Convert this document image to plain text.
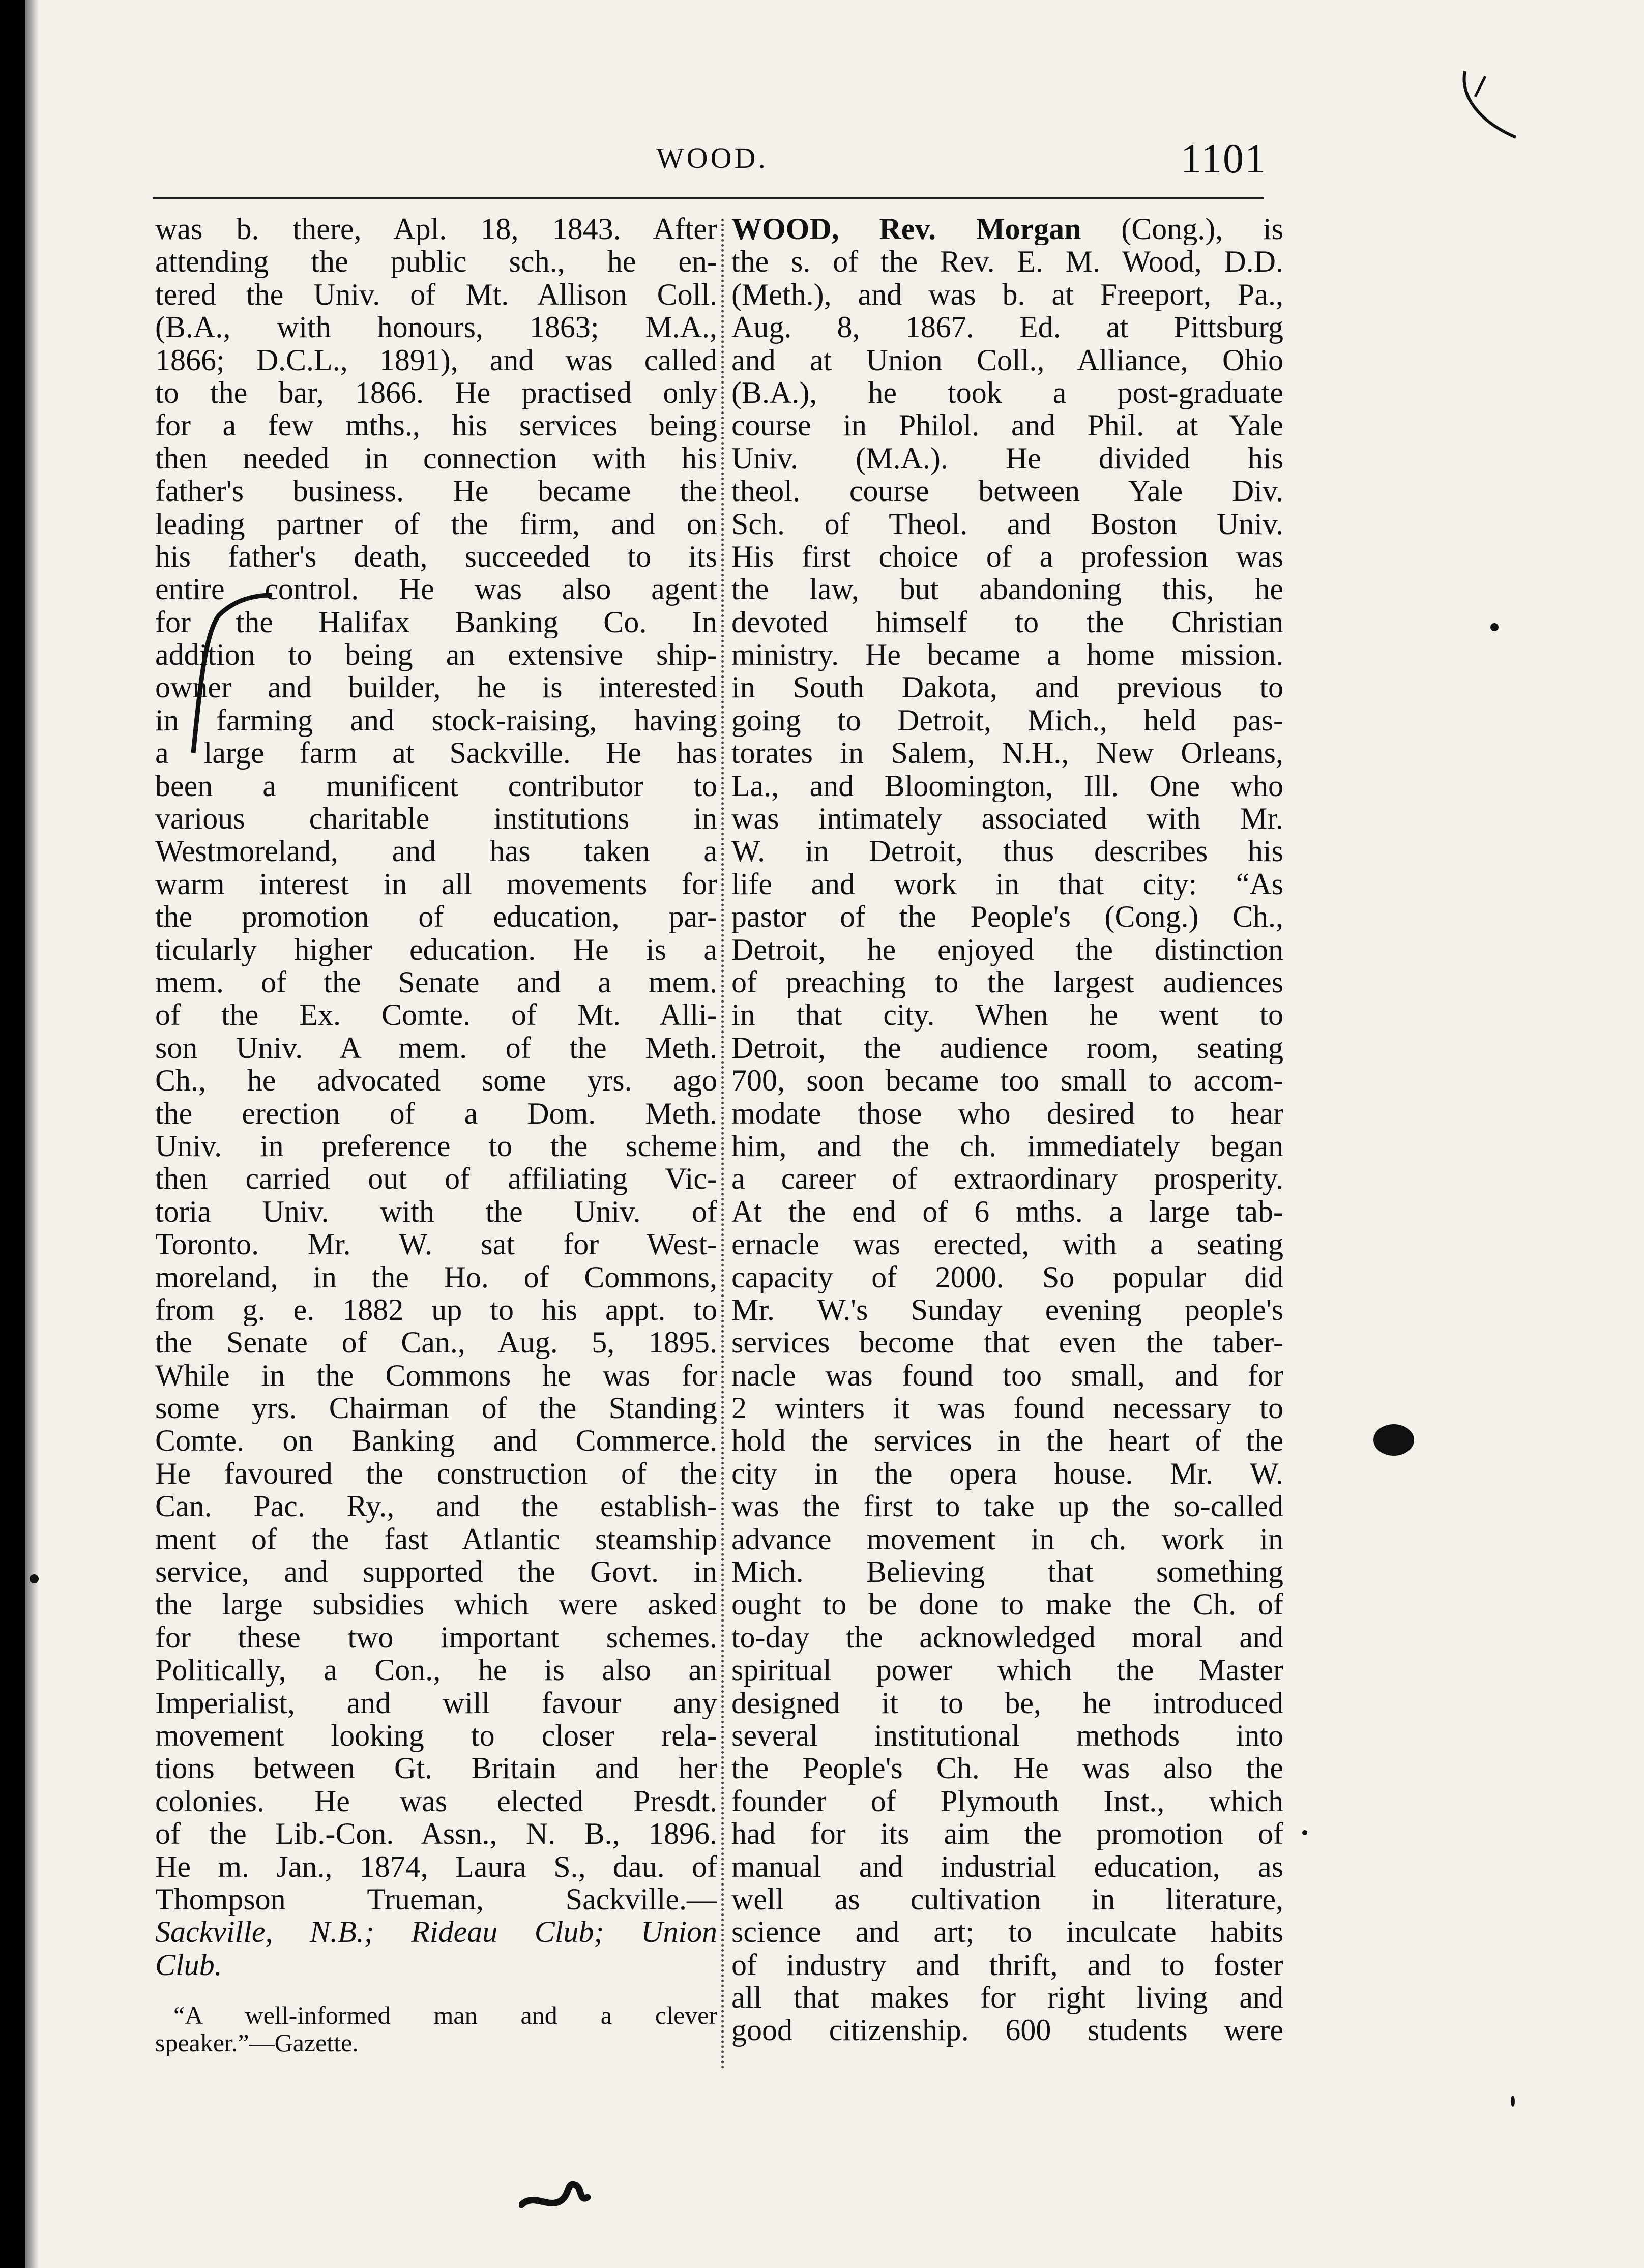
WOOD.	1101
was b. there, Apl. 18, 1843. After
attending the public sch., he en-
tered the Univ. of Mt. Allison Coll.
(B.A., with honours, 1863; M.A.,
1866; D.C.L., 1891), and was called
to the bar, 1866. He practised only
for a few mths., his services being
then needed in connection with his
father's business. He became the
leading partner of the firm, and on
his father's death, succeeded to its
entire control. He was also agent
for the Halifax Banking Co. In
addition to being an extensive ship-
owner and builder, he is interested
in farming and stock-raising, having
a large farm at Sackville. He has
been a munificent contributor to
various charitable institutions in
Westmoreland, and has taken a
warm interest in all movements for
the promotion of education, par-
ticularly higher education. He is a
mem. of the Senate and a mem.
of the Ex. Comte. of Mt. Alli-
son Univ. A mem. of the Meth.
Ch., he advocated some yrs. ago
the erection of a Dom. Meth.
Univ. in preference to the scheme
then carried out of affiliating Vic-
toria Univ. with the Univ. of
Toronto. Mr. W. sat for West-
moreland, in the Ho. of Commons,
from g. e. 1882 up to his appt. to
the Senate of Can., Aug. 5, 1895.
While in the Commons he was for
some yrs. Chairman of the Standing
Comte. on Banking and Commerce.
He favoured the construction of the
Can. Pac. Ry., and the establish-
ment of the fast Atlantic steamship
service, and supported the Govt. in
the large subsidies which were asked
for these two important schemes.
Politically, a Con., he is also an
Imperialist, and will favour any
movement looking to closer rela-
tions between Gt. Britain and her
colonies. He was elected Presdt.
of the Lib.-Con. Assn., N. B., 1896.
He m. Jan., 1874, Laura S., dau. of
Thompson Trueman, Sackville.—
Sackville, N.B.; Rideau Club; Union
Club.
WOOD, Rev. Morgan (Cong.), is
the s. of the Rev. E. M. Wood, D.D.
(Meth.), and was b. at Freeport, Pa.,
Aug. 8, 1867. Ed. at Pittsburg
and at Union Coll., Alliance, Ohio
(B.A.), he took a post-graduate
course in Philol. and Phil. at Yale
Univ. (M.A.). He divided his
theol. course between Yale Div.
Sch. of Theol. and Boston Univ.
His first choice of a profession was
the law, but abandoning this, he
devoted himself to the Christian
ministry. He became a home mission.
in South Dakota, and previous to
going to Detroit, Mich., held pas-
torates in Salem, N.H., New Orleans,
La., and Bloomington, Ill. One who
was intimately associated with Mr.
W. in Detroit, thus describes his
life and work in that city: “As
pastor of the People's (Cong.) Ch.,
Detroit, he enjoyed the distinction
of preaching to the largest audiences
in that city. When he went to
Detroit, the audience room, seating
700, soon became too small to accom-
modate those who desired to hear
him, and the ch. immediately began
a career of extraordinary prosperity.
At the end of 6 mths. a large tab-
ernacle was erected, with a seating
capacity of 2000. So popular did
Mr. W.'s Sunday evening people's
services become that even the taber-
nacle was found too small, and for
2 winters it was found necessary to
hold the services in the heart of the
city in the opera house. Mr. W.
was the first to take up the so-called
advance movement in ch. work in
Mich. Believing that something
ought to be done to make the Ch. of
to-day the acknowledged moral and
spiritual power which the Master
designed it to be, he introduced
several institutional methods into
the People's Ch. He was also the
founder of Plymouth Inst., which
had for its aim the promotion of
manual and industrial education, as
well as cultivation in literature,
science and art; to inculcate habits
of industry and thrift, and to foster
all that makes for right living and
good citizenship. 600 students were
“A well-informed man and a clever
speaker.”—Gazette.
